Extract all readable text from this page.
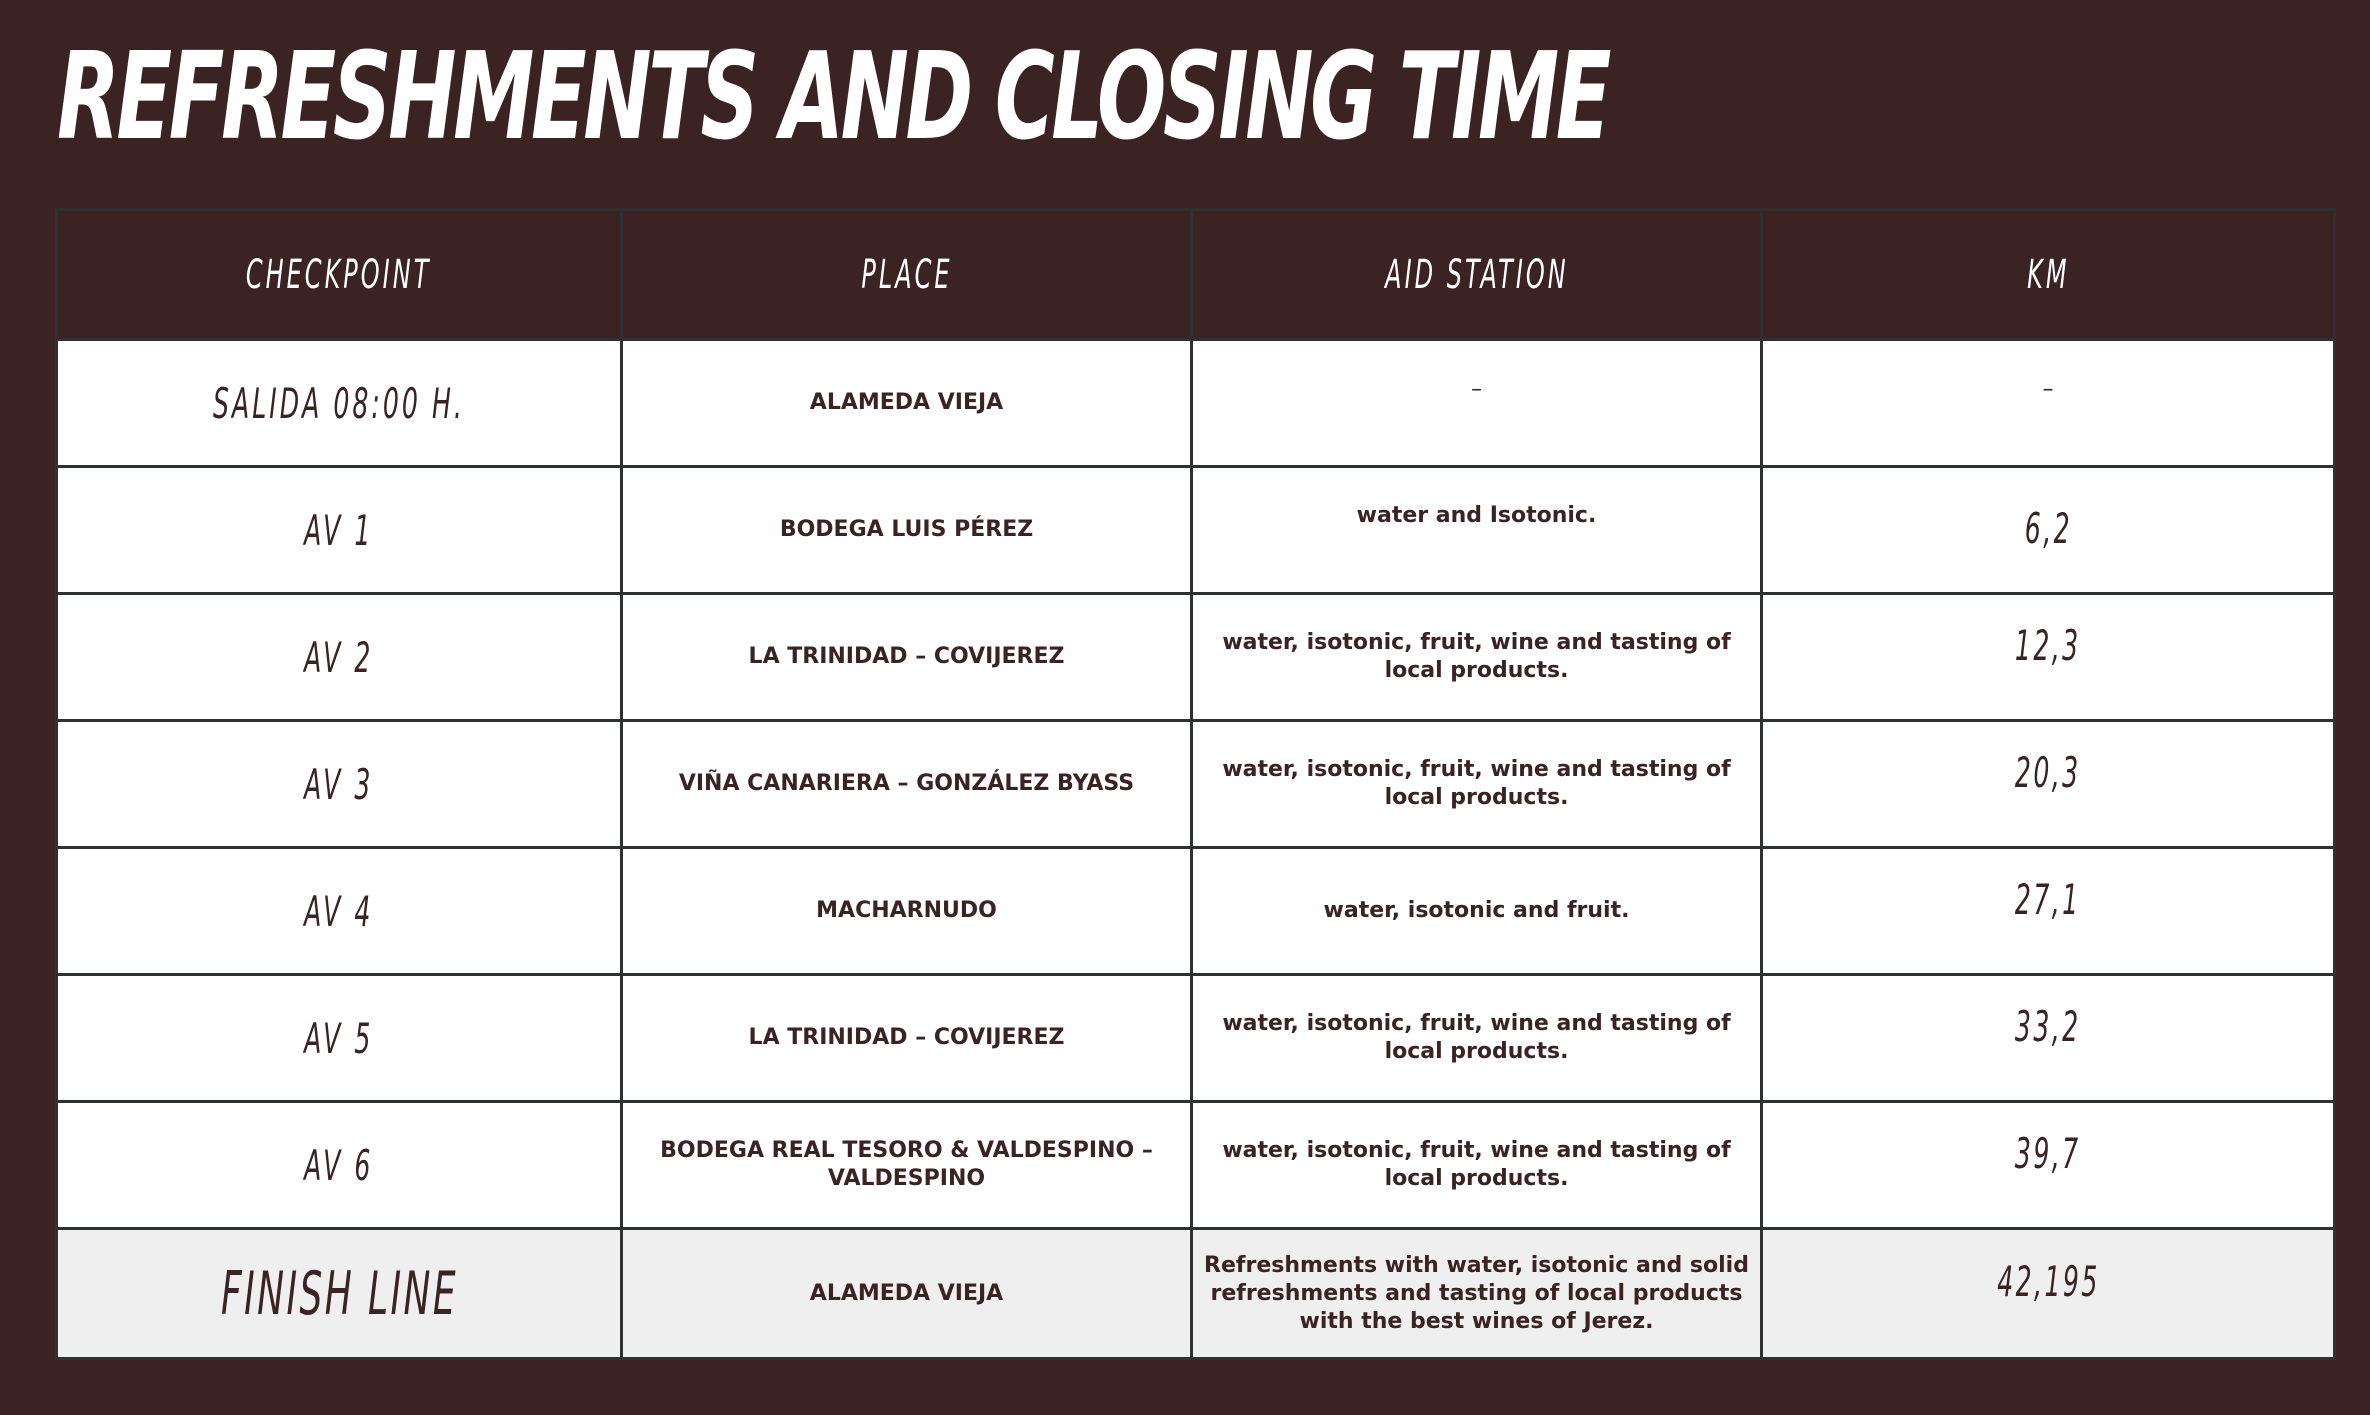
REFRESHMENTS AND CLOSING TIME
CHECKPOINT	PLACE	AID STATION	KM
SALIDA 08:00 H.	ALAMEDA VIEJA	–	–
AV 1	BODEGA LUIS PÉREZ	water and Isotonic.	6,2
AV 2	LA TRINIDAD – COVIJEREZ	water, isotonic, fruit, wine and tasting of local products.	12,3
AV 3	VIÑA CANARIERA – GONZÁLEZ BYASS	water, isotonic, fruit, wine and tasting of local products.	20,3
AV 4	MACHARNUDO	water, isotonic and fruit.	27,1
AV 5	LA TRINIDAD – COVIJEREZ	water, isotonic, fruit, wine and tasting of local products.	33,2
AV 6	BODEGA REAL TESORO & VALDESPINO – VALDESPINO	water, isotonic, fruit, wine and tasting of local products.	39,7
FINISH LINE	ALAMEDA VIEJA	Refreshments with water, isotonic and solid refreshments and tasting of local products with the best wines of Jerez.	42,195
